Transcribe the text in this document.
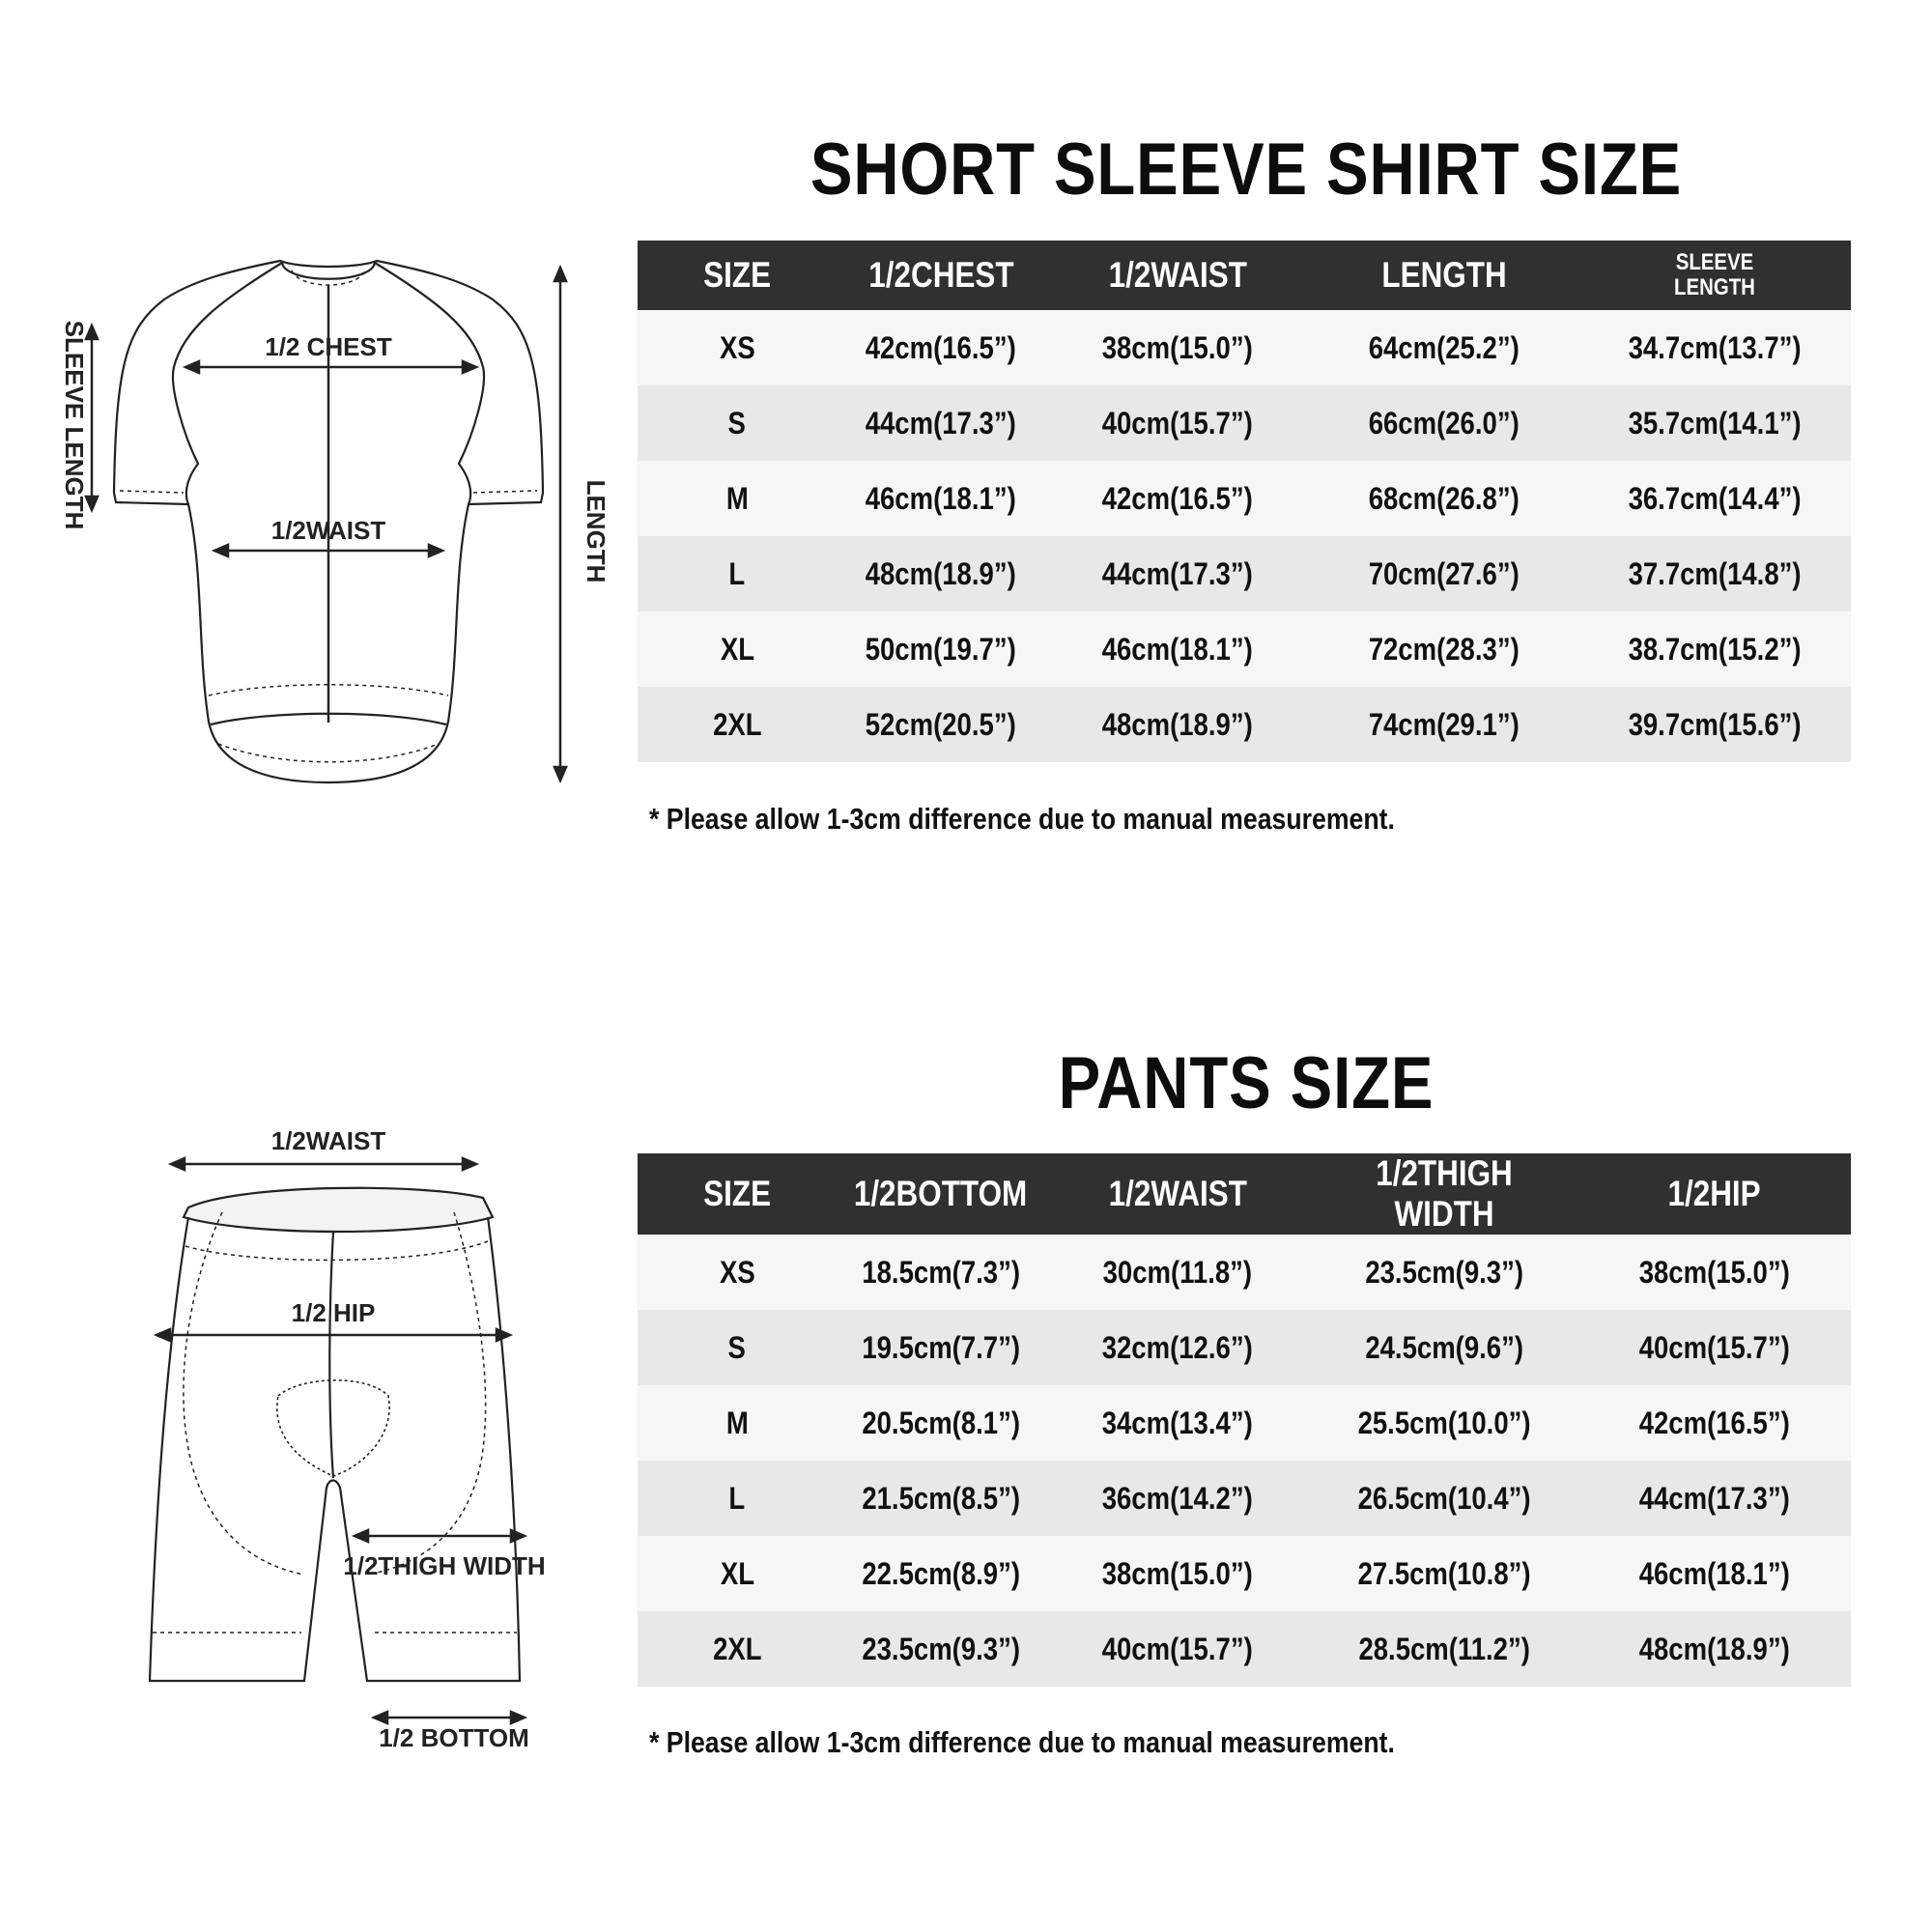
1/2 CHEST
1/2WAIST
SLEEVE LENGTH
LENGTH
SHORT SLEEVE SHIRT SIZE
SIZE	1/2CHEST	1/2WAIST	LENGTH	SLEEVE LENGTH
XS	42cm(16.5”)	38cm(15.0”)	64cm(25.2”)	34.7cm(13.7”)
S	44cm(17.3”)	40cm(15.7”)	66cm(26.0”)	35.7cm(14.1”)
M	46cm(18.1”)	42cm(16.5”)	68cm(26.8”)	36.7cm(14.4”)
L	48cm(18.9”)	44cm(17.3”)	70cm(27.6”)	37.7cm(14.8”)
XL	50cm(19.7”)	46cm(18.1”)	72cm(28.3”)	38.7cm(15.2”)
2XL	52cm(20.5”)	48cm(18.9”)	74cm(29.1”)	39.7cm(15.6”)
* Please allow 1-3cm difference due to manual measurement.
1/2WAIST
1/2 HIP
1/2THIGH WIDTH
1/2 BOTTOM
PANTS SIZE
SIZE	1/2BOTTOM	1/2WAIST	1/2THIGH WIDTH	1/2HIP
XS	18.5cm(7.3”)	30cm(11.8”)	23.5cm(9.3”)	38cm(15.0”)
S	19.5cm(7.7”)	32cm(12.6”)	24.5cm(9.6”)	40cm(15.7”)
M	20.5cm(8.1”)	34cm(13.4”)	25.5cm(10.0”)	42cm(16.5”)
L	21.5cm(8.5”)	36cm(14.2”)	26.5cm(10.4”)	44cm(17.3”)
XL	22.5cm(8.9”)	38cm(15.0”)	27.5cm(10.8”)	46cm(18.1”)
2XL	23.5cm(9.3”)	40cm(15.7”)	28.5cm(11.2”)	48cm(18.9”)
* Please allow 1-3cm difference due to manual measurement.
